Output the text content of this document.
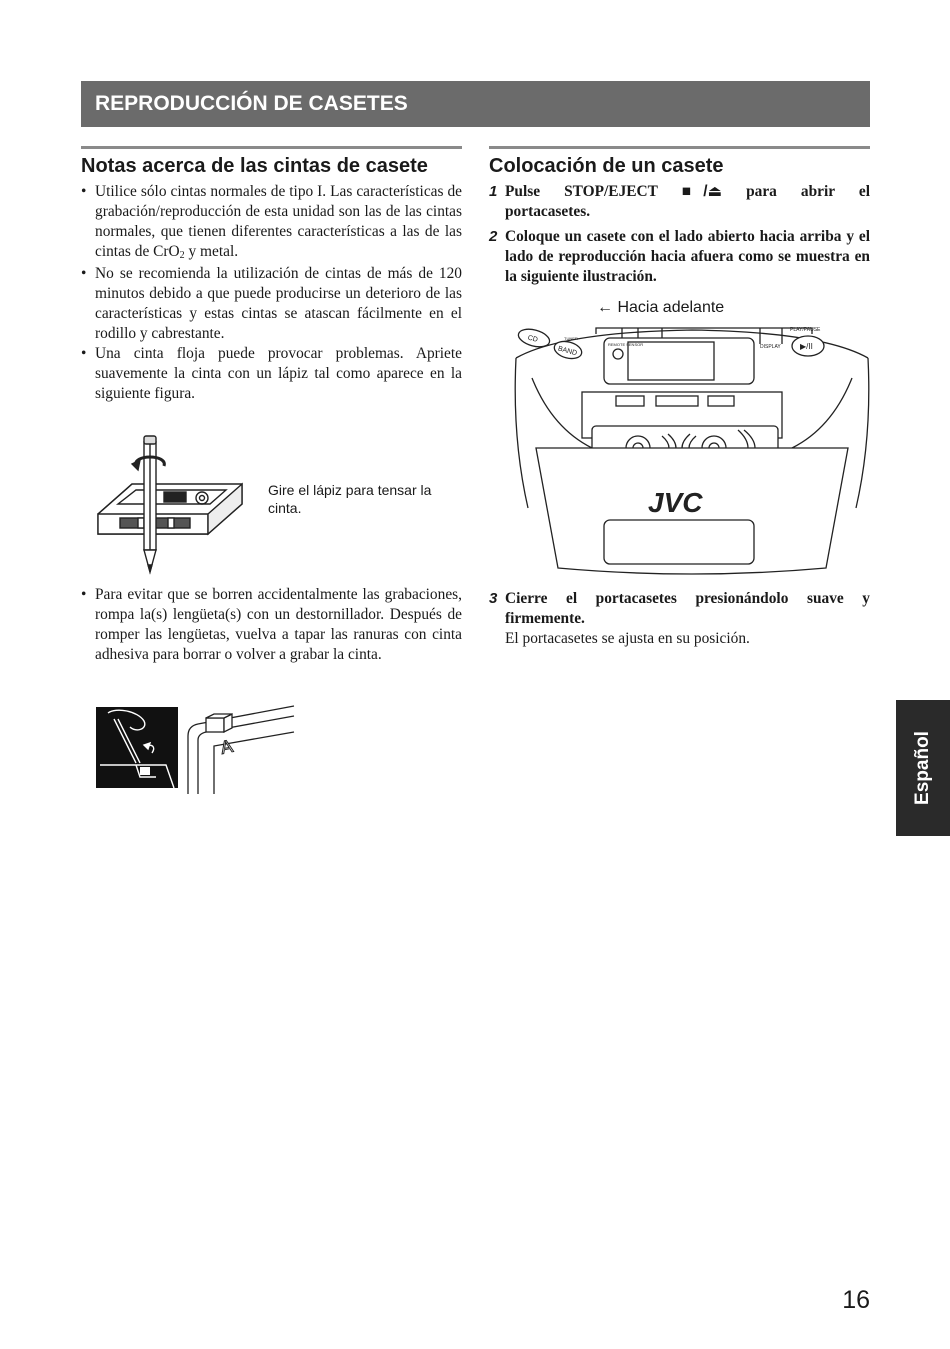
REPRODUCCIÓN DE CASETES
Notas acerca de las cintas de casete
• Utilice sólo cintas normales de tipo I. Las características de grabación/reproducción de esta unidad son las de las cintas normales, que tienen diferentes características a las de las cintas de CrO$_2$ y metal.
• No se recomienda la utilización de cintas de más de 120 minutos debido a que puede producirse un deterioro de las características y estas cintas se atascan fácilmente en el rodillo y cabrestante.
• Una cinta floja puede provocar problemas. Apriete suavemente la cinta con un lápiz tal como aparece en la siguiente figura.
Gire el lápiz para tensar la cinta.
• Para evitar que se borren accidentalmente las grabaciones, rompa la(s) lengüeta(s) con un destornillador. Después de romper las lengüetas, vuelva a tapar las ranuras con cinta adhesiva para borrar o volver a grabar la cinta.
A
Colocación de un casete
1 Pulse STOP/EJECT ■/⏏ para abrir el portacasetes.
2 Coloque un casete con el lado abierto hacia arriba y el lado de reproducción hacia afuera como se muestra en la siguiente ilustración.
← Hacia adelante
CD	TUNER
BAND
REMOTE SENSOR	DISPLAY
PLAY/PAUSE
▶/II
JVC
3 Cierre el portacasetes presionándolo suave y firmemente.
El portacasetes se ajusta en su posición.
Español
16
